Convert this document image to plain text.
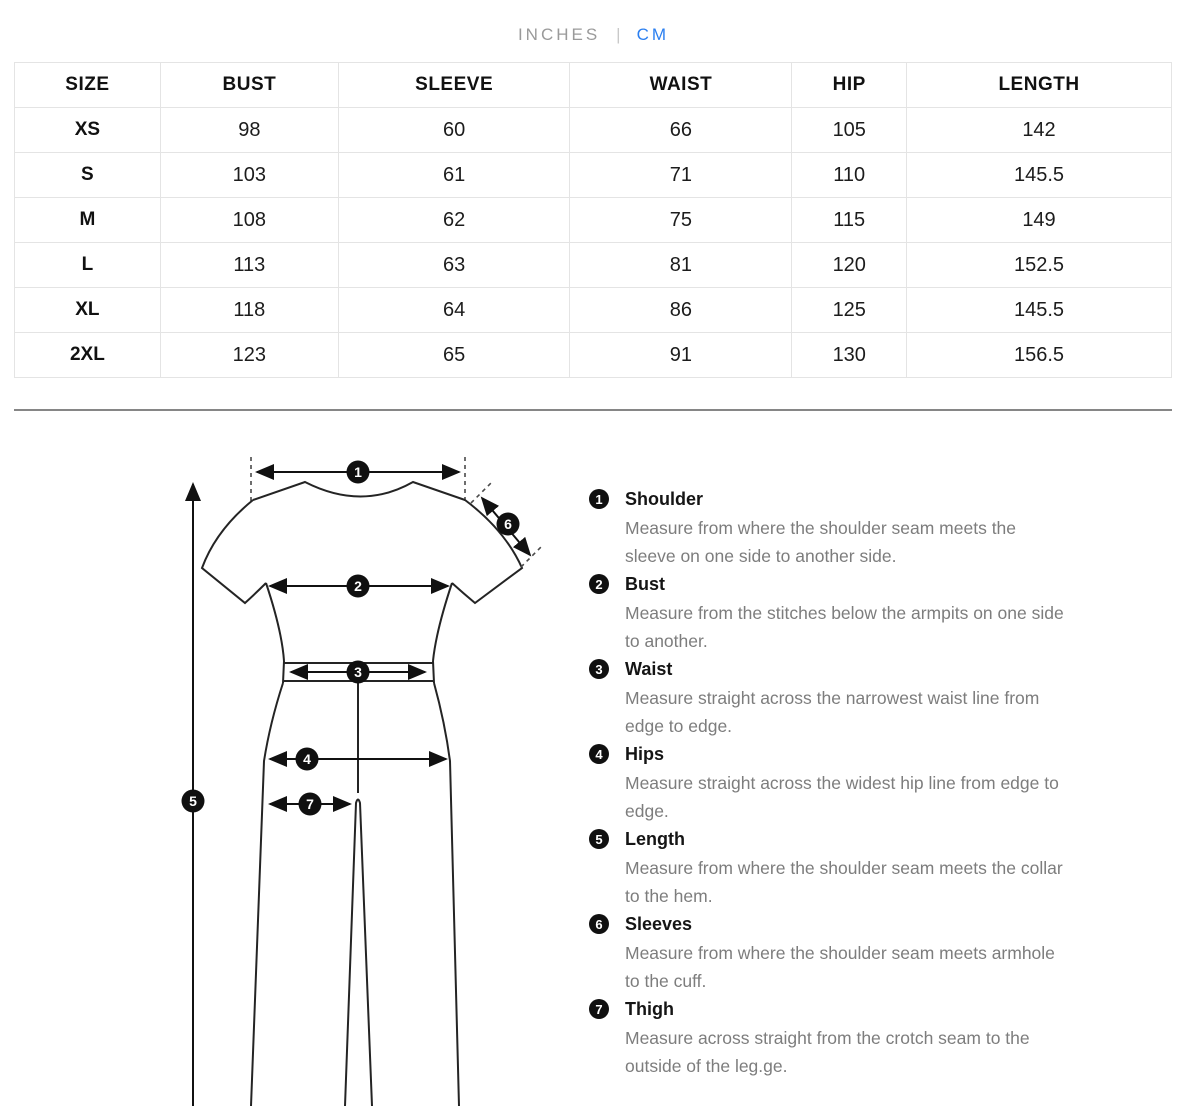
INCHES | CM
SIZE	BUST	SLEEVE	WAIST	HIP	LENGTH
XS	98	60	66	105	142
S	103	61	71	110	145.5
M	108	62	75	115	149
L	113	63	81	120	152.5
XL	118	64	86	125	145.5
2XL	123	65	91	130	156.5
1
2
3
4
5
6
7
1	Shoulder
Measure from where the shoulder seam meets the sleeve on one side to another side.
2	Bust
Measure from the stitches below the armpits on one side to another.
3	Waist
Measure straight across the narrowest waist line from edge to edge.
4	Hips
Measure straight across the widest hip line from edge to edge.
5	Length
Measure from where the shoulder seam meets the collar to the hem.
6	Sleeves
Measure from where the shoulder seam meets armhole to the cuff.
7	Thigh
Measure across straight from the crotch seam to the outside of the leg.ge.
